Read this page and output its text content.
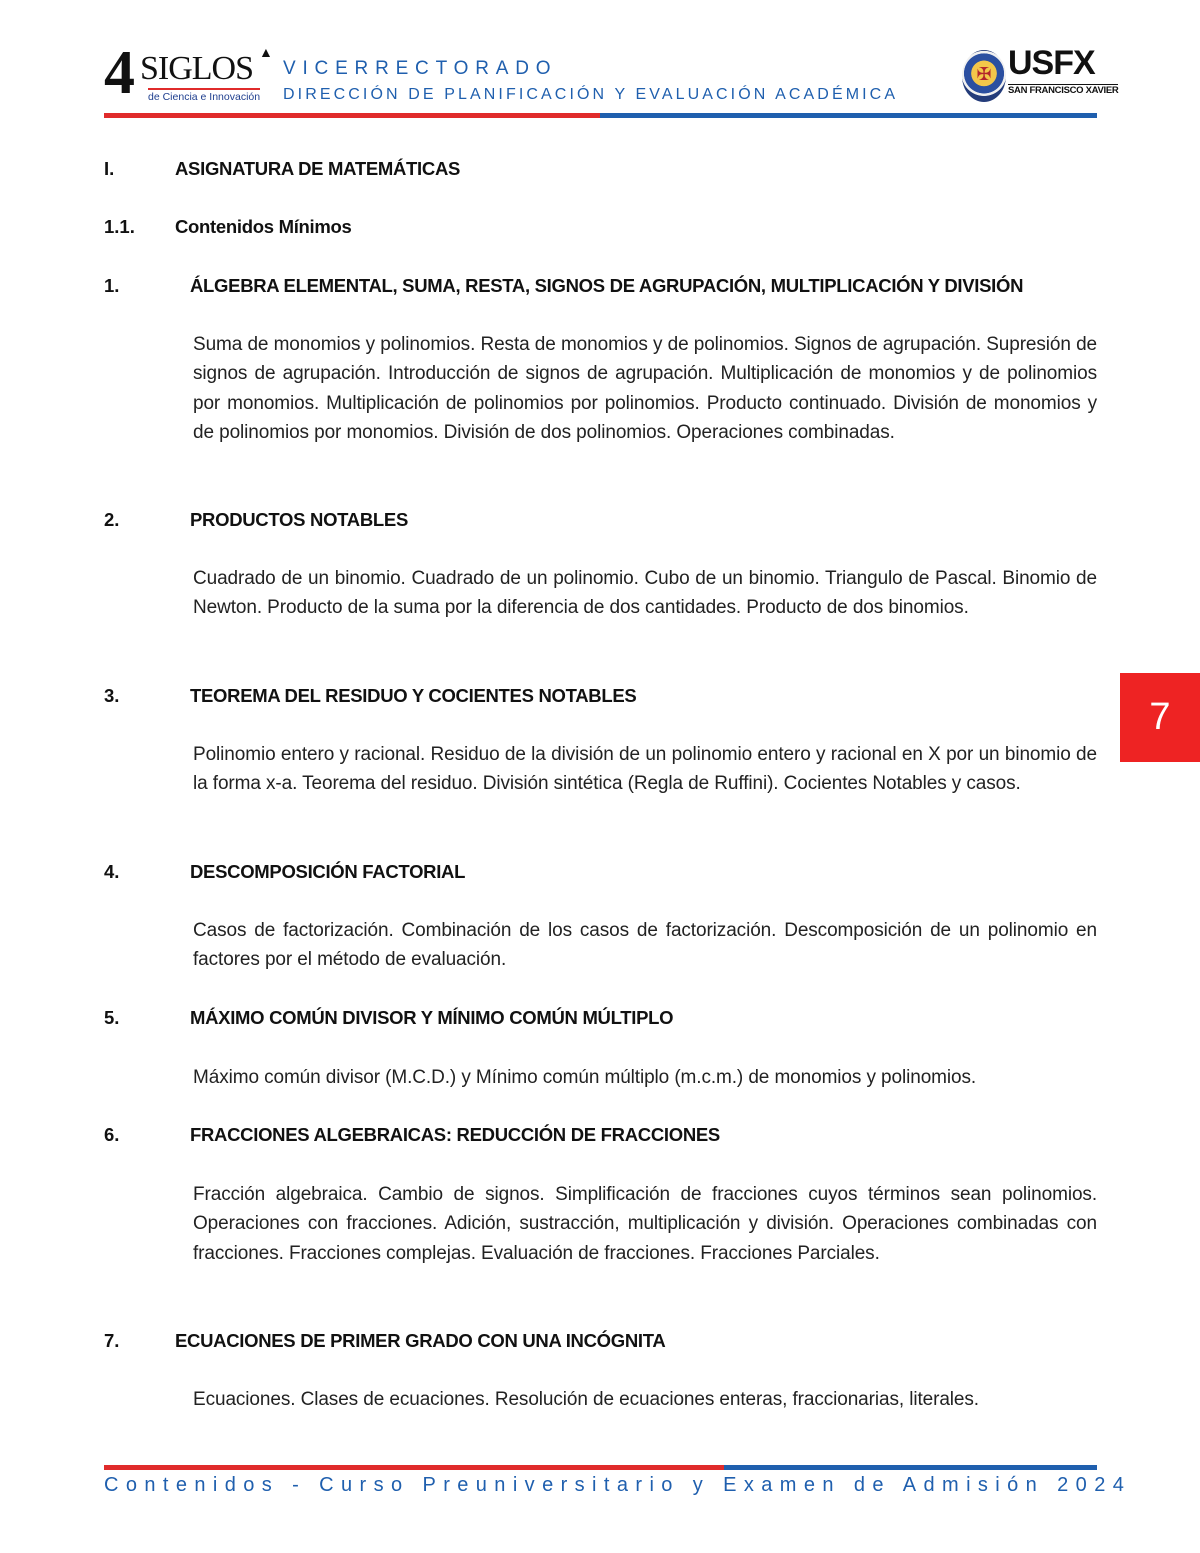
4 SIGLOS ▲
de Ciencia e Innovación
VICERRECTORADO
DIRECCIÓN DE PLANIFICACIÓN Y EVALUACIÓN ACADÉMICA
✠ USFX
SAN FRANCISCO XAVIER
7
I.	ASIGNATURA DE MATEMÁTICAS
1.1. Contenidos Mínimos
1.	ÁLGEBRA ELEMENTAL, SUMA, RESTA, SIGNOS DE AGRUPACIÓN, MULTIPLICACIÓN Y DIVISIÓN
Suma de monomios y polinomios. Resta de monomios y de polinomios. Signos de agrupación. Supresión de signos de agrupación. Introducción de signos de agrupación. Multiplicación de monomios y de polinomios por monomios. Multiplicación de polinomios por polinomios. Producto continuado. División de monomios y de polinomios por monomios. División de dos polinomios. Operaciones combinadas.
2.	PRODUCTOS NOTABLES
Cuadrado de un binomio. Cuadrado de un polinomio. Cubo de un binomio. Triangulo de Pascal. Binomio de Newton. Producto de la suma por la diferencia de dos cantidades. Producto de dos binomios.
3.	TEOREMA DEL RESIDUO Y COCIENTES NOTABLES
Polinomio entero y racional. Residuo de la división de un polinomio entero y racional en X por un binomio de la forma x-a. Teorema del residuo. División sintética (Regla de Ruffini). Cocientes Notables y casos.
4.	DESCOMPOSICIÓN FACTORIAL
Casos de factorización. Combinación de los casos de factorización. Descomposición de un polinomio en factores por el método de evaluación.
5.	MÁXIMO COMÚN DIVISOR Y MÍNIMO COMÚN MÚLTIPLO
Máximo común divisor (M.C.D.) y Mínimo común múltiplo (m.c.m.) de monomios y polinomios.
6.	FRACCIONES ALGEBRAICAS: REDUCCIÓN DE FRACCIONES
Fracción algebraica. Cambio de signos. Simplificación de fracciones cuyos términos sean polinomios. Operaciones con fracciones. Adición, sustracción, multiplicación y división. Operaciones combinadas con fracciones. Fracciones complejas. Evaluación de fracciones. Fracciones Parciales.
7.	ECUACIONES DE PRIMER GRADO CON UNA INCÓGNITA
Ecuaciones. Clases de ecuaciones. Resolución de ecuaciones enteras, fraccionarias, literales.
Contenidos - Curso Preuniversitario y Examen de Admisión 2024
